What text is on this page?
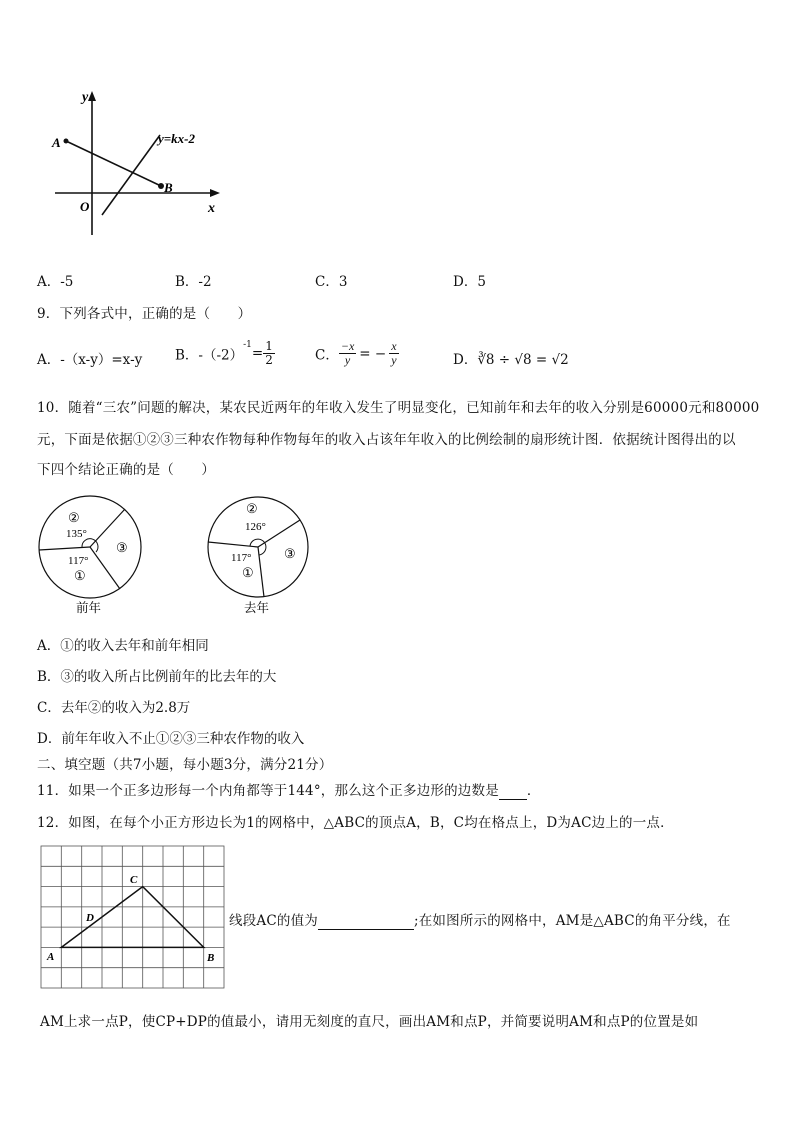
y
x
O
A
B
y=kx-2
A．-5	B．-2	C．3	D．5
9．下列各式中，正确的是（　　）
A．-（x-y）=x-y B．$-(-2)^{-1}= \frac{1}{2}$	C． $\frac{-x}{y}$ = − $\frac{x}{y}$	D．∛8 ÷ √8 = √2
10．随着“三农”问题的解决，某农民近两年的年收入发生了明显变化，已知前年和去年的收入分别是60000元和80000
元，下面是依据①②③三种农作物每种作物每年的收入占该年年收入的比例绘制的扇形统计图．依据统计图得出的以
下四个结论正确的是（　　）
②
135°
117°
①
③
前年
②
126°
117°
①
③
去年
A．①的收入去年和前年相同
B．③的收入所占比例前年的比去年的大
C．去年②的收入为2.8万
D．前年年收入不止①②③三种农作物的收入
二、填空题（共7小题，每小题3分，满分21分）
11．如果一个正多边形每一个内角都等于144°，那么这个正多边形的边数是 ．
12．如图，在每个小正方形边长为1的网格中，△ABC的顶点A，B，C均在格点上，D为AC边上的一点．
A	B
C
D	线段AC的值为	;在如图所示的网格中，AM是△ABC的角平分线，在
AM上求一点P，使CP+DP的值最小，请用无刻度的直尺，画出AM和点P，并简要说明AM和点P的位置是如
